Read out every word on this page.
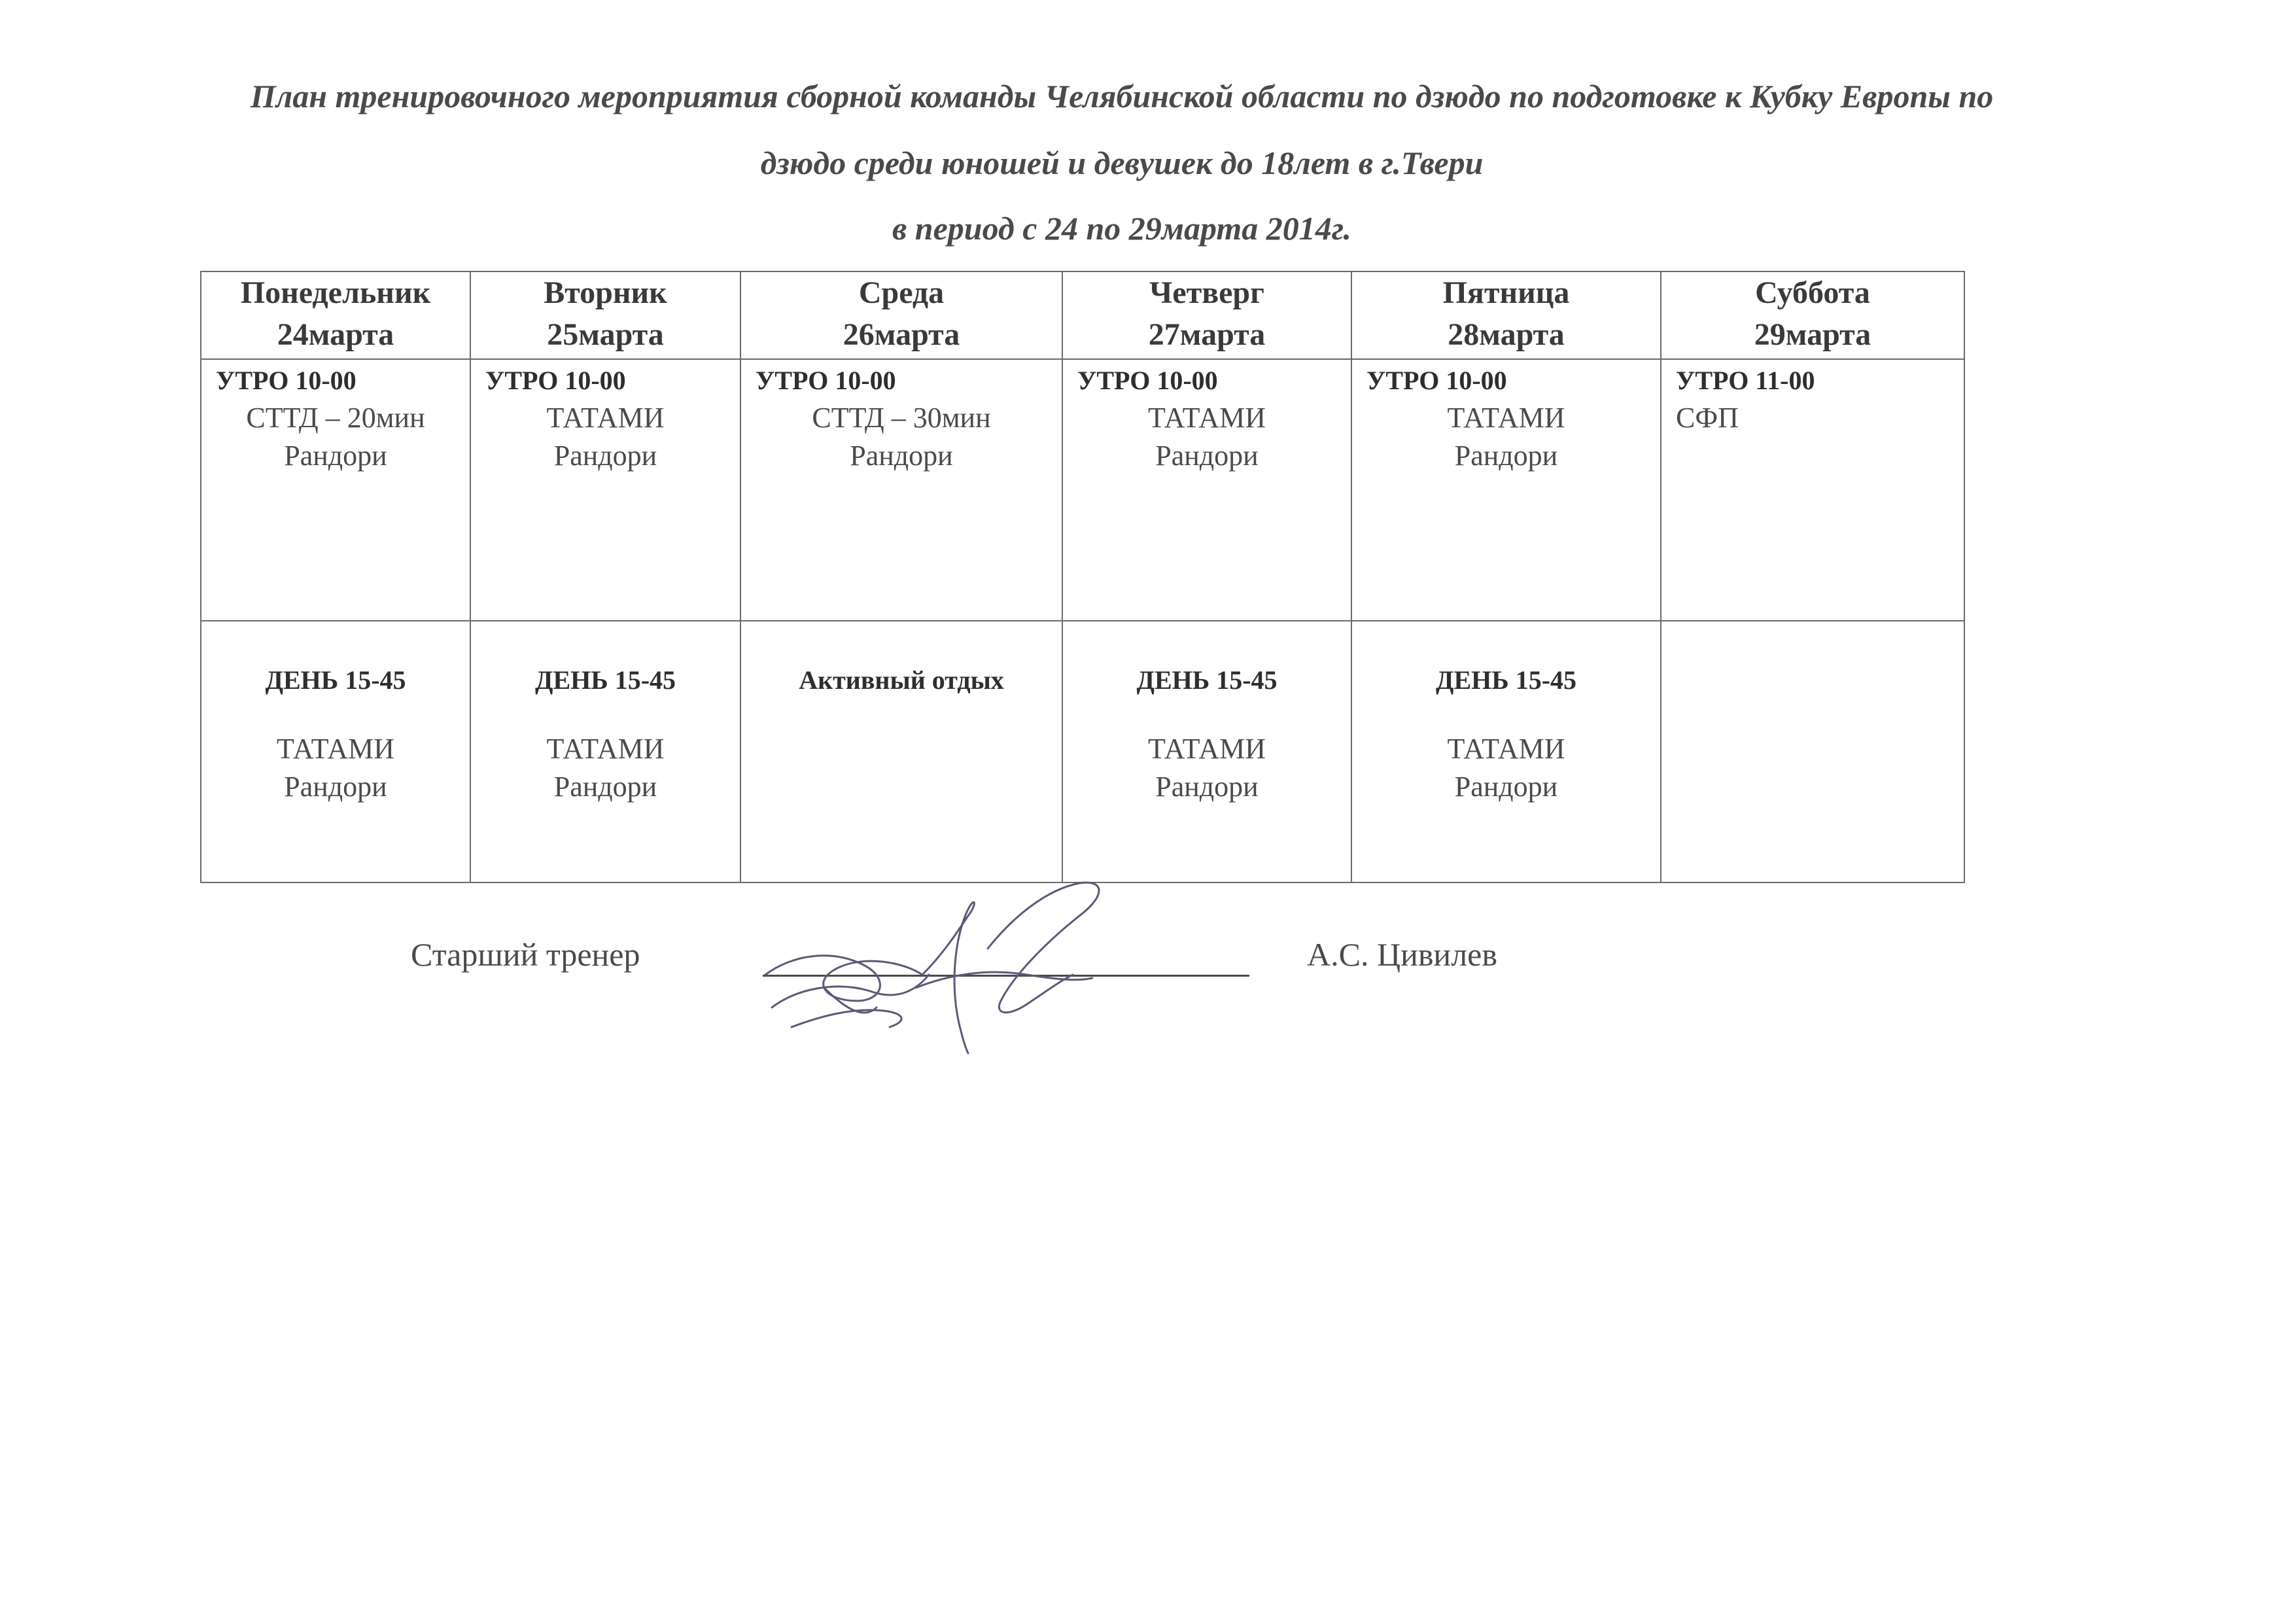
План тренировочного мероприятия сборной команды Челябинской области по дзюдо по подготовке к Кубку Европы по

дзюдо среди юношей и девушек до 18лет в г.Твери

в период с 24 по 29марта 2014г.

Понедельник
24марта	Вторник
25марта	Среда
26марта	Четверг
27марта	Пятница
28марта	Суббота
29марта

УТРО 10-00
СТТД – 20мин
Рандори	УТРО 10-00
ТАТАМИ
Рандори	УТРО 10-00
СТТД – 30мин
Рандори	УТРО 10-00
ТАТАМИ
Рандори	УТРО 10-00
ТАТАМИ
Рандори	УТРО 11-00
СФП

ДЕНЬ 15-45
ТАТАМИ
Рандори	ДЕНЬ 15-45
ТАТАМИ
Рандори	Активный отдых	ДЕНЬ 15-45
ТАТАМИ
Рандори	ДЕНЬ 15-45
ТАТАМИ
Рандори	

Старший тренер	А.С. Цивилев
